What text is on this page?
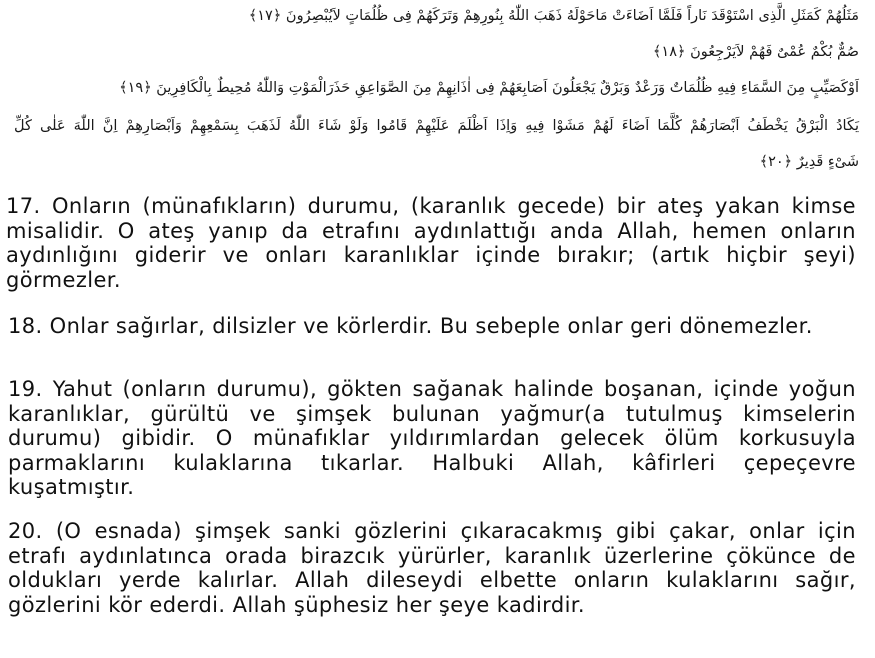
مَثَلُهُمْ كَمَثَلِ الَّذِى اسْتَوْقَدَ نَاراً فَلَمَّا اَضَاءَتْ مَاحَوْلَهُ ذَهَبَ اللّٰهُ بِنُورِهِمْ وَتَرَكَهُمْ فِى ظُلُمَاتٍ لاَيُبْصِرُونَ ﴿١٧﴾
صُمٌّ بُكْمٌ عُمْىٌ فَهُمْ لاَيَرْجِعُونَ ﴿١٨﴾
اَوْكَصَيِّبٍ مِنَ السَّمَاءِ فِيهِ ظُلُمَاتٌ وَرَعْدٌ وَبَرْقٌ يَجْعَلُونَ اَصَابِعَهُمْ فِى اٰذَانِهِمْ مِنَ الصَّوَاعِقِ حَذَرَالْمَوْتِ وَاللّٰهُ مُحِيطٌ بِالْكَافِرِينَ ﴿١٩﴾
يَكَادُ الْبَرْقُ يَخْطَفُ اَبْصَارَهُمْ كُلَّمَا اَضَاءَ لَهُمْ مَشَوْا فِيهِ وَاِذَا اَظْلَمَ عَلَيْهِمْ قَامُوا وَلَوْ شَاءَ اللّٰهُ لَذَهَبَ بِسَمْعِهِمْ وَاَبْصَارِهِمْ اِنَّ اللّٰهَ عَلٰى كُلِّ
شَىْءٍ قَدِيرٌ ﴿٢٠﴾

17. Onların (münafıkların) durumu, (karanlık gecede) bir ateş yakan kimse misalidir. O ateş yanıp da etrafını aydınlattığı anda Allah, hemen onların aydınlığını giderir ve onları karanlıklar içinde bırakır; (artık hiçbir şeyi) görmezler.

18. Onlar sağırlar, dilsizler ve körlerdir. Bu sebeple onlar geri dönemezler.

19. Yahut (onların durumu), gökten sağanak halinde boşanan, içinde yoğun karanlıklar, gürültü ve şimşek bulunan yağmur(a tutulmuş kimselerin durumu) gibidir. O münafıklar yıldırımlardan gelecek ölüm korkusuyla parmaklarını kulaklarına tıkarlar. Halbuki Allah, kâfirleri çepeçevre kuşatmıştır.

20. (O esnada) şimşek sanki gözlerini çıkaracakmış gibi çakar, onlar için etrafı aydınlatınca orada birazcık yürürler, karanlık üzerlerine çökünce de oldukları yerde kalırlar. Allah dileseydi elbette onların kulaklarını sağır, gözlerini kör ederdi. Allah şüphesiz her şeye kadirdir.
